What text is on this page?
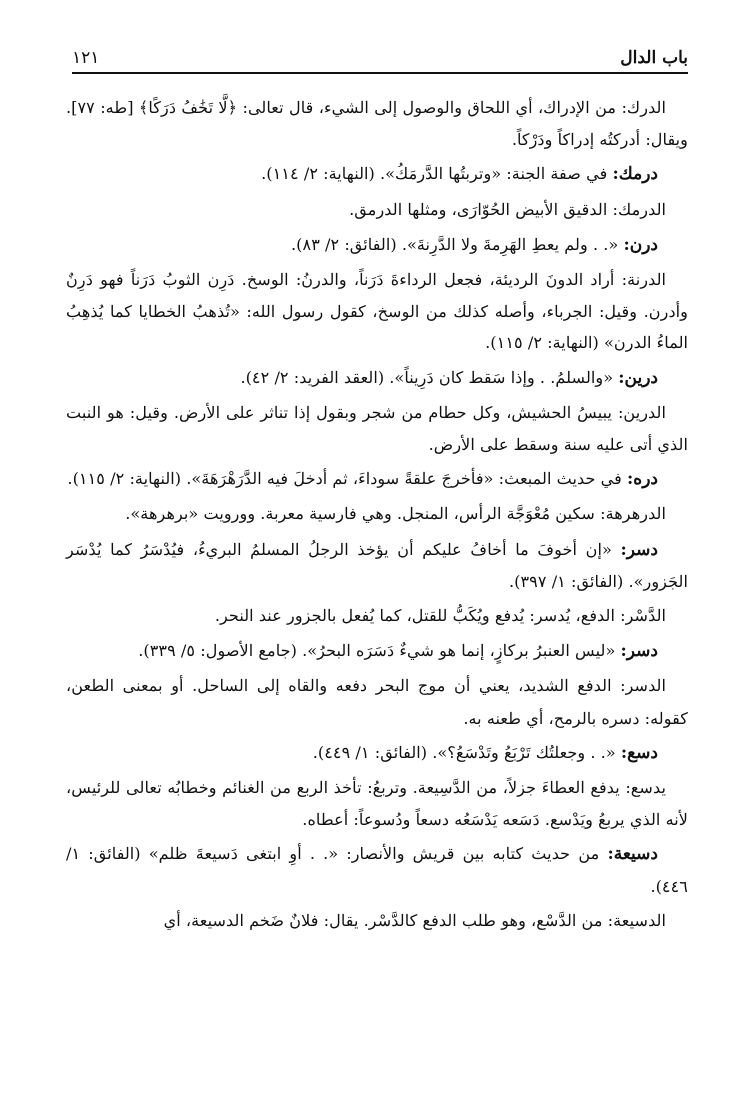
١٢١	باب الدال

الدرك: من الإدراك، أي اللحاق والوصول إلى الشيء، قال تعالى: ﴿لَّا تَخَٰفُ دَرَكًا﴾ [طه: ٧٧]. ويقال: أدركتُه إدراكاً ودَرْكاً.

درمك: في صفة الجنة: «وتربتُها الدَّرمَكُ». (النهاية: ٢/ ١١٤).

الدرمك: الدقيق الأبيض الحُوّارَى، ومثلها الدرمق.

درن: «. . ولم يعطِ الهَرِمةَ ولا الدَّرِنةَ». (الفائق: ٢/ ٨٣).

الدرنة: أراد الدونَ الرديئة، فجعل الرداءةَ دَرَناً، والدرنُ: الوسخ. دَرِن الثوبُ دَرَناً فهو دَرِنٌ وأدرن. وقيل: الجرباء، وأصله كذلك من الوسخ، كقول رسول الله: «تُذهبُ الخطايا كما يُذهِبُ الماءُ الدرن» (النهاية: ٢/ ١١٥).

درين: «والسلمُ. . وإذا سَقط كان دَرِيناً». (العقد الفريد: ٢/ ٤٢).

الدرين: يبيسُ الحشيش، وكل حطام من شجر وبقول إذا تناثر على الأرض. وقيل: هو النبت الذي أتى عليه سنة وسقط على الأرض.

دره: في حديث المبعث: «فأخرجَ علقةً سوداءَ، ثم أدخلَ فيه الدَّرَهْرَهَةَ». (النهاية: ٢/ ١١٥).

الدرهرهة: سكين مُعْوَجَّة الرأس، المنجل. وهي فارسية معربة. وورويت «برهرهة».

دسر: «إن أخوفَ ما أخافُ عليكم أن يؤخذ الرجلُ المسلمُ البريءُ، فيُدْسَرُ كما يُدْسَر الجَزور». (الفائق: ١/ ٣٩٧).

الدَّسْر: الدفع، يُدسر: يُدفع ويُكَبُّ للقتل، كما يُفعل بالجزور عند النحر.

دسر: «ليس العنبرُ بركازٍ، إنما هو شيءٌ دَسَرَه البحرُ». (جامع الأصول: ٥/ ٣٣٩).

الدسر: الدفع الشديد، يعني أن موج البحر دفعه والقاه إلى الساحل. أو بمعنى الطعن، كقوله: دسره بالرمح، أي طعنه به.

دسع: «. . وجعلتُك تَرْبَعُ وتَدْسَعُ؟». (الفائق: ١/ ٤٤٩).

يدسع: يدفع العطاءَ جزلاً، من الدَّسِيعة. وتربعُ: تأخذ الربع من الغنائم وخطابُه تعالى للرئيس، لأنه الذي يربعُ ويَدْسع. دَسَعه يَدْسَعُه دسعاً ودُسوعاً: أعطاه.

دسيعة: من حديث كتابه بين قريش والأنصار: «. . أوِ ابتغى دَسيعةَ ظلم» (الفائق: ١/ ٤٤٦).

الدسيعة: من الدَّسْع، وهو طلب الدفع كالدَّسْر. يقال: فلانٌ ضَخم الدسيعة، أي
